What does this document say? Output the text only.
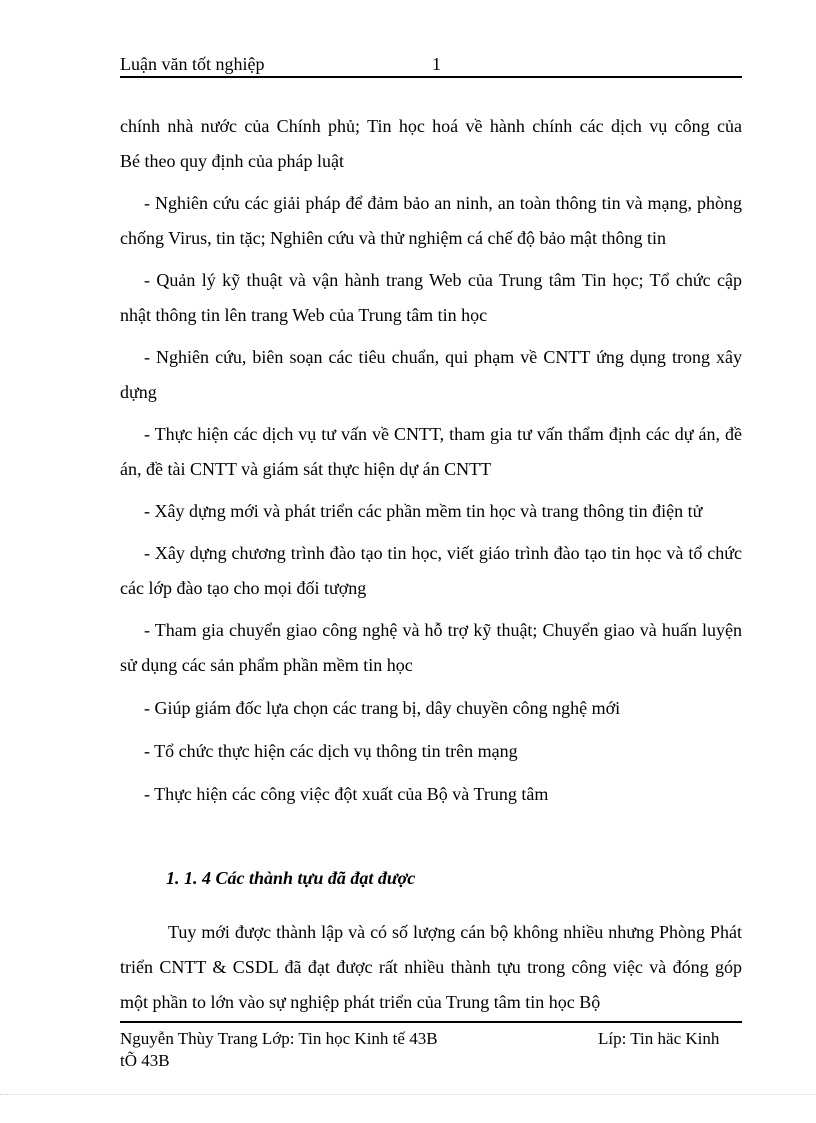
Luận văn tốt nghiệp	1

chính nhà nước của Chính phủ; Tin học hoá về hành chính các dịch vụ công của

Bé theo quy định của pháp luật

- Nghiên cứu các giải pháp để đảm bảo an ninh, an toàn thông tin và mạng, phòng chống Virus, tin tặc; Nghiên cứu và thử nghiệm cá chế độ bảo mật thông tin

- Quản lý kỹ thuật và vận hành trang Web của Trung tâm Tin học; Tổ chức cập nhật thông tin lên trang Web của Trung tâm tin học

- Nghiên cứu, biên soạn các tiêu chuẩn, qui phạm về CNTT ứng dụng trong xây dựng

- Thực hiện các dịch vụ tư vấn về CNTT, tham gia tư vấn thẩm định các dự án, đề án, đề tài CNTT và giám sát thực hiện dự án CNTT

- Xây dựng mới và phát triển các phần mềm tin học và trang thông tin điện tử

- Xây dựng chương trình đào tạo tin học, viết giáo trình đào tạo tin học và tổ chức các lớp đào tạo cho mọi đối tượng

- Tham gia chuyển giao công nghệ và hỗ trợ kỹ thuật; Chuyển giao và huấn luyện sử dụng các sản phẩm phần mềm tin học

- Giúp giám đốc lựa chọn các trang bị, dây chuyền công nghệ mới

- Tổ chức thực hiện các dịch vụ thông tin trên mạng

- Thực hiện các công việc đột xuất của Bộ và Trung tâm

1. 1. 4 Các thành tựu đã đạt được

Tuy mới được thành lập và có số lượng cán bộ không nhiều nhưng Phòng Phát triển CNTT & CSDL đã đạt được rất nhiều thành tựu trong công việc và đóng góp một phần to lớn vào sự nghiệp phát triển của Trung tâm tin học Bộ

Nguyễn Thùy Trang Lớp: Tin học Kinh tế 43B	Líp: Tin häc Kinh
tÕ 43B
